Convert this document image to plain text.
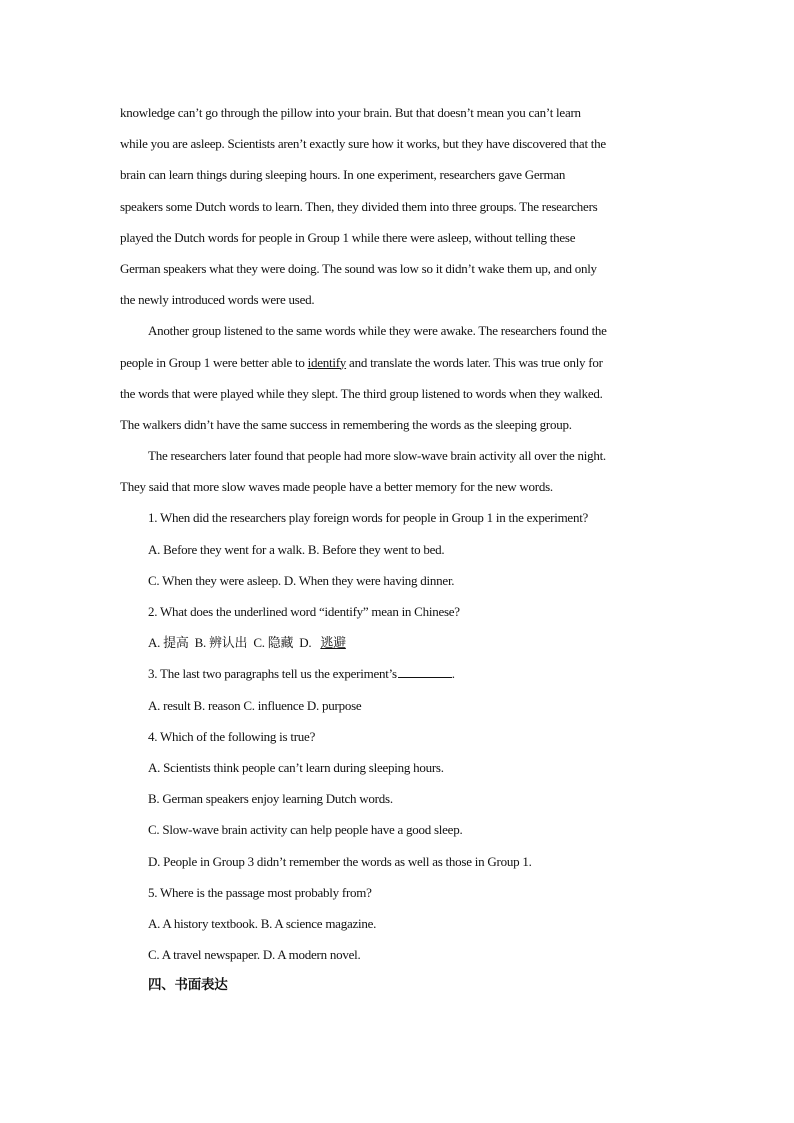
knowledge can’t go through the pillow into your brain. But that doesn’t mean you can’t learn
while you are asleep. Scientists aren’t exactly sure how it works, but they have discovered that the
brain can learn things during sleeping hours. In one experiment, researchers gave German
speakers some Dutch words to learn. Then, they divided them into three groups. The researchers
played the Dutch words for people in Group 1 while there were asleep, without telling these
German speakers what they were doing. The sound was low so it didn’t wake them up, and only
the newly introduced words were used.
Another group listened to the same words while they were awake. The researchers found the
people in Group 1 were better able to identify and translate the words later. This was true only for
the words that were played while they slept. The third group listened to words when they walked.
The walkers didn’t have the same success in remembering the words as the sleeping group.
The researchers later found that people had more slow-wave brain activity all over the night.
They said that more slow waves made people have a better memory for the new words.
1. When did the researchers play foreign words for people in Group 1 in the experiment?
A. Before they went for a walk. B. Before they went to bed.
C. When they were asleep. D. When they were having dinner.
2. What does the underlined word “identify” mean in Chinese?
A. 提高 B. 辨认出 C. 隐藏 D. 逃避
3. The last two paragraphs tell us the experiment’s	.
A. result B. reason C. influence D. purpose
4. Which of the following is true?
A. Scientists think people can’t learn during sleeping hours.
B. German speakers enjoy learning Dutch words.
C. Slow-wave brain activity can help people have a good sleep.
D. People in Group 3 didn’t remember the words as well as those in Group 1.
5. Where is the passage most probably from?
A. A history textbook. B. A science magazine.
C. A travel newspaper. D. A modern novel.
四、书面表达
